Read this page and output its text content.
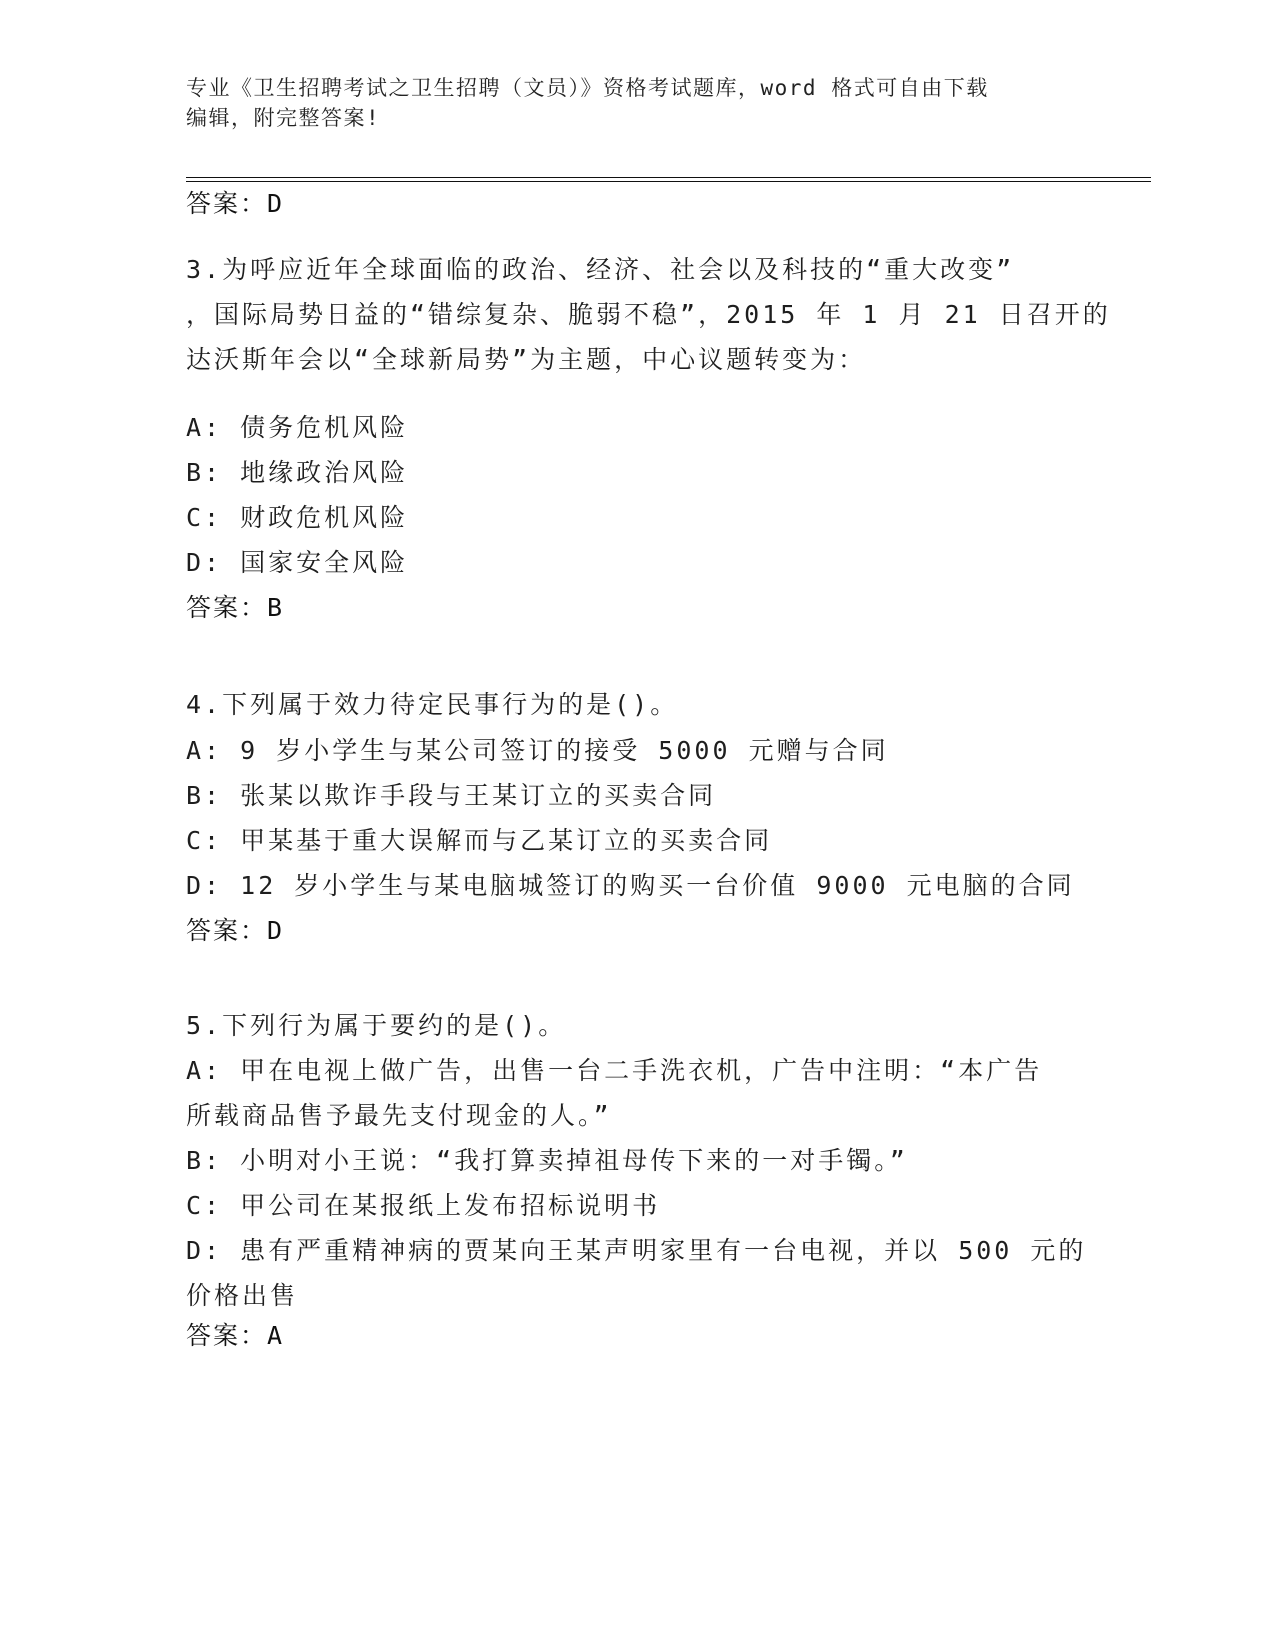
专业《卫生招聘考试之卫生招聘（文员）》资格考试题库，word 格式可自由下载
编辑，附完整答案!
答案：D
3.为呼应近年全球面临的政治、经济、社会以及科技的“重大改变”
，国际局势日益的“错综复杂、脆弱不稳”，2015 年 1 月 21 日召开的
达沃斯年会以“全球新局势”为主题，中心议题转变为：
A: 债务危机风险
B: 地缘政治风险
C: 财政危机风险
D: 国家安全风险
答案：B
4.下列属于效力待定民事行为的是()。
A: 9 岁小学生与某公司签订的接受 5000 元赠与合同
B: 张某以欺诈手段与王某订立的买卖合同
C: 甲某基于重大误解而与乙某订立的买卖合同
D: 12 岁小学生与某电脑城签订的购买一台价值 9000 元电脑的合同
答案：D
5.下列行为属于要约的是()。
A: 甲在电视上做广告，出售一台二手洗衣机，广告中注明：“本广告
所载商品售予最先支付现金的人。”
B: 小明对小王说：“我打算卖掉祖母传下来的一对手镯。”
C: 甲公司在某报纸上发布招标说明书
D: 患有严重精神病的贾某向王某声明家里有一台电视，并以 500 元的
价格出售
答案：A
